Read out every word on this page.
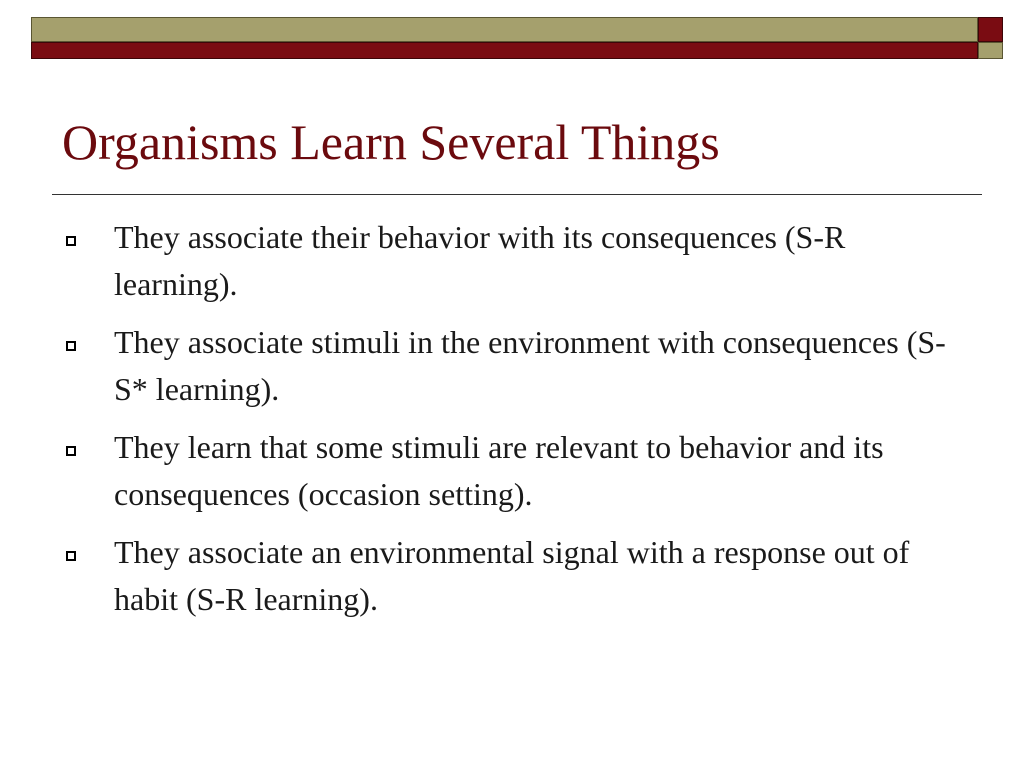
Organisms Learn Several Things
They associate their behavior with its consequences (S-R learning).
They associate stimuli in the environment with consequences (S-S* learning).
They learn that some stimuli are relevant to behavior and its consequences (occasion setting).
They associate an environmental signal with a response out of habit (S-R learning).
